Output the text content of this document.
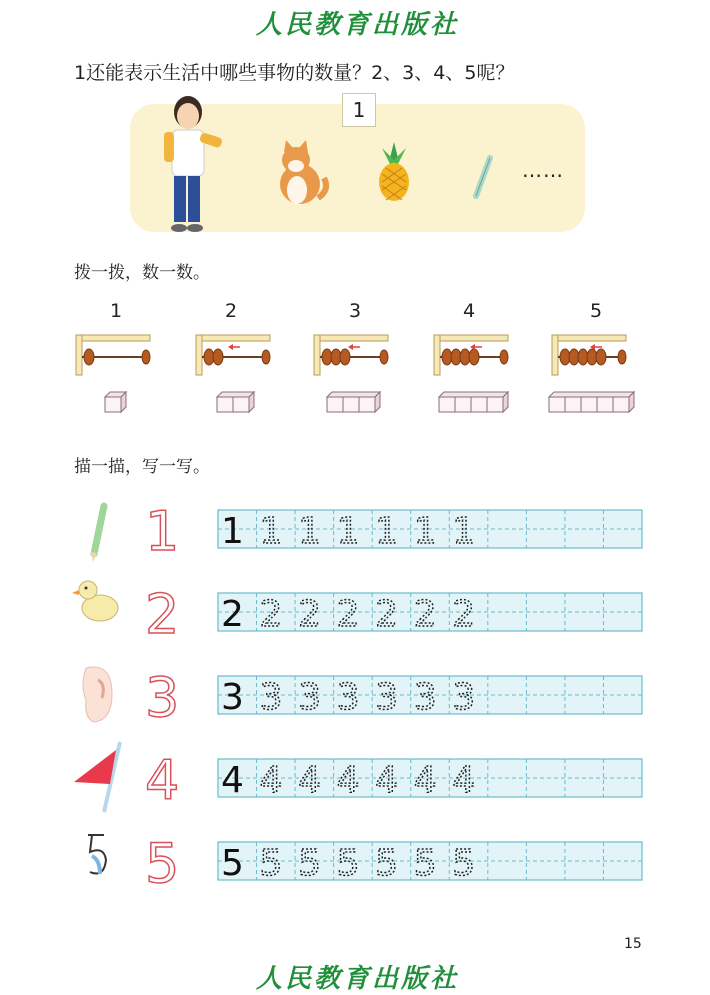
人民教育出版社
1还能表示生活中哪些事物的数量？2、3、4、5呢？
1
……
拨一拨，数一数。
1	2	3	4	5
描一描，写一写。
1 1 1 1 1 1 1 1
2 2 2 2 2 2 2 2
3 3 3 3 3 3 3 3
4 4 4 4 4 4 4 4
5 5 5 5 5 5 5 5
15
人民教育出版社
